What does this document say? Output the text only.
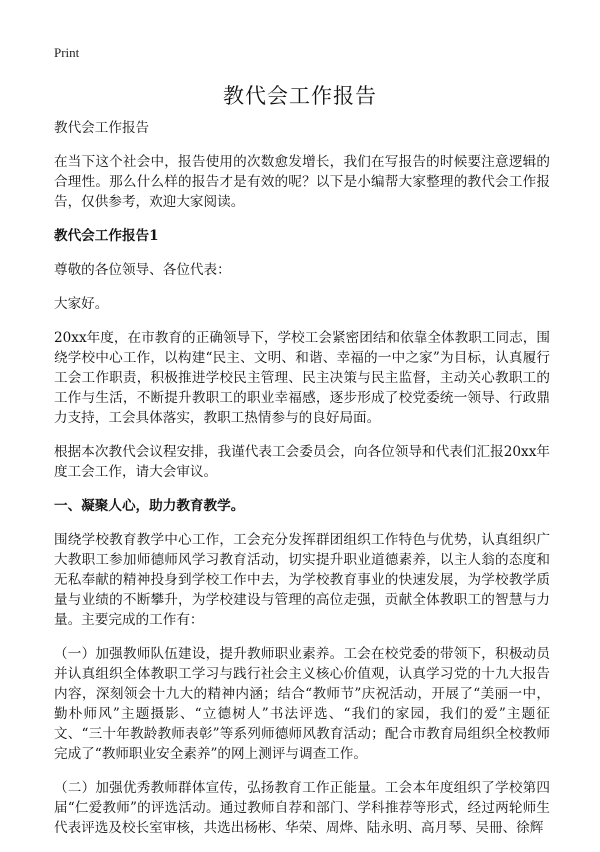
Print
教代会工作报告

教代会工作报告

在当下这个社会中，报告使用的次数愈发增长，我们在写报告的时候要注意逻辑的合理性。那么什么样的报告才是有效的呢？以下是小编帮大家整理的教代会工作报告，仅供参考，欢迎大家阅读。

教代会工作报告1

尊敬的各位领导、各位代表：

大家好。

20xx年度，在市教育的正确领导下，学校工会紧密团结和依靠全体教职工同志，围绕学校中心工作，以构建“民主、文明、和谐、幸福的一中之家”为目标，认真履行工会工作职责，积极推进学校民主管理、民主决策与民主监督，主动关心教职工的工作与生活，不断提升教职工的职业幸福感，逐步形成了校党委统一领导、行政鼎力支持，工会具体落实，教职工热情参与的良好局面。

根据本次教代会议程安排，我谨代表工会委员会，向各位领导和代表们汇报20xx年度工会工作，请大会审议。

一、凝聚人心，助力教育教学。

围绕学校教育教学中心工作，工会充分发挥群团组织工作特色与优势，认真组织广大教职工参加师德师风学习教育活动，切实提升职业道德素养，以主人翁的态度和无私奉献的精神投身到学校工作中去，为学校教育事业的快速发展，为学校教学质量与业绩的不断攀升，为学校建设与管理的高位走强，贡献全体教职工的智慧与力量。主要完成的工作有：

（一）加强教师队伍建设，提升教师职业素养。工会在校党委的带领下，积极动员并认真组织全体教职工学习与践行社会主义核心价值观，认真学习党的十九大报告内容，深刻领会十九大的精神内涵；结合“教师节”庆祝活动，开展了“美丽一中，勤朴师风”主题摄影、“立德树人”书法评选、“我们的家园，我们的爱”主题征文、“三十年教龄教师表彰”等系列师德师风教育活动；配合市教育局组织全校教师完成了“教师职业安全素养”的网上测评与调查工作。

（二）加强优秀教师群体宣传，弘扬教育工作正能量。工会本年度组织了学校第四届“仁爱教师”的评选活动。通过教师自荐和部门、学科推荐等形式，经过两轮师生代表评选及校长室审核，共选出杨彬、华荣、周烨、陆永明、高月琴、吴冊、徐辉
